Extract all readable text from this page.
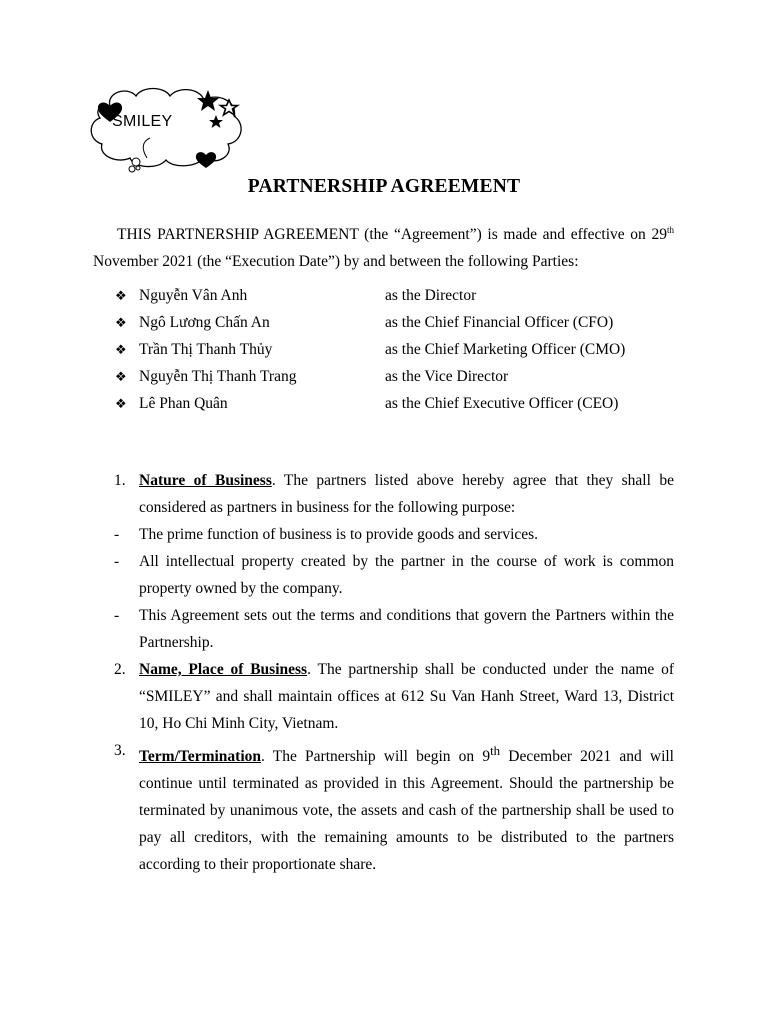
SMILEY
PARTNERSHIP AGREEMENT
THIS PARTNERSHIP AGREEMENT (the “Agreement”) is made and effective on 29th November 2021 (the “Execution Date”) by and between the following Parties:
❖ Nguyễn Vân Anh	as the Director
❖ Ngô Lương Chấn An	as the Chief Financial Officer (CFO)
❖ Trần Thị Thanh Thủy	as the Chief Marketing Officer (CMO)
❖ Nguyễn Thị Thanh Trang	as the Vice Director
❖ Lê Phan Quân	as the Chief Executive Officer (CEO)
1. Nature of Business. The partners listed above hereby agree that they shall be considered as partners in business for the following purpose:
- The prime function of business is to provide goods and services.
- All intellectual property created by the partner in the course of work is common property owned by the company.
- This Agreement sets out the terms and conditions that govern the Partners within the Partnership.
2. Name, Place of Business. The partnership shall be conducted under the name of “SMILEY” and shall maintain offices at 612 Su Van Hanh Street, Ward 13, District 10, Ho Chi Minh City, Vietnam.
3. Term/Termination. The Partnership will begin on 9th December 2021 and will continue until terminated as provided in this Agreement. Should the partnership be terminated by unanimous vote, the assets and cash of the partnership shall be used to pay all creditors, with the remaining amounts to be distributed to the partners according to their proportionate share.
